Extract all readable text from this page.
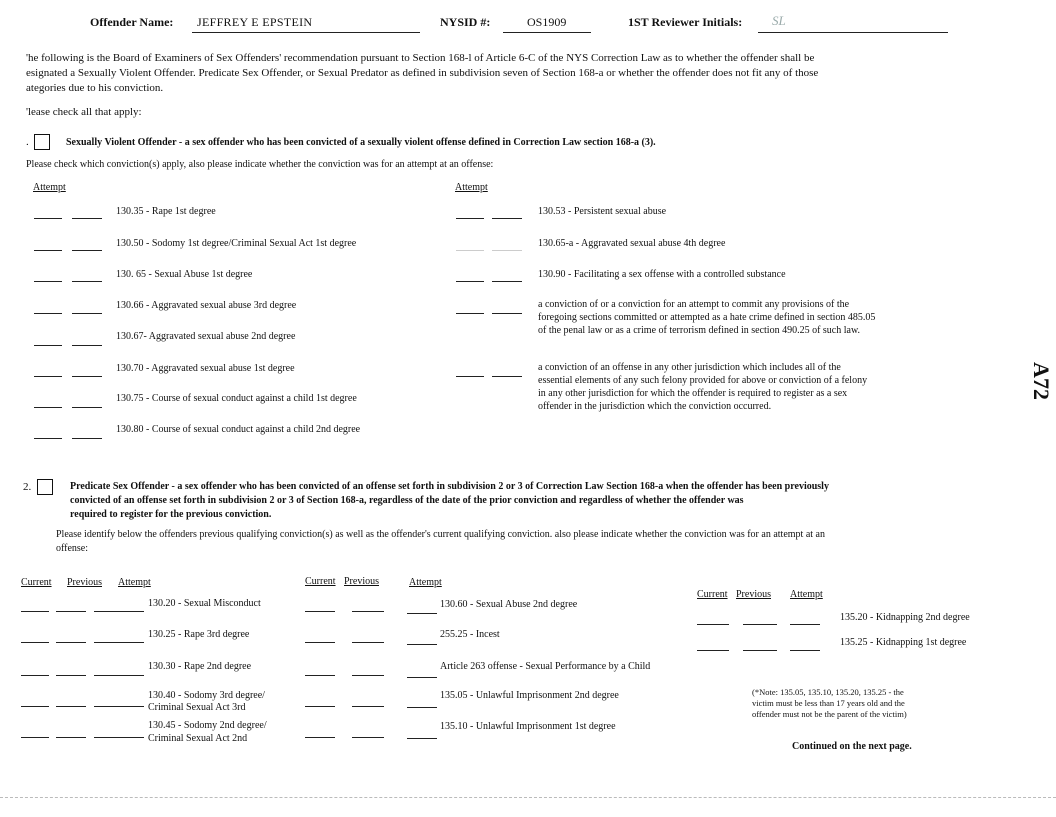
Offender Name: JEFFREY E EPSTEIN	NYSID #:	OS1909	1ST Reviewer Initials: SL
'he following is the Board of Examiners of Sex Offenders' recommendation pursuant to Section 168-l of Article 6-C of the NYS Correction Law as to whether the offender shall be
esignated a Sexually Violent Offender. Predicate Sex Offender, or Sexual Predator as defined in subdivision seven of Section 168-a or whether the offender does not fit any of those
ategories due to his conviction.
'lease check all that apply:
.	Sexually Violent Offender - a sex offender who has been convicted of a sexually violent offense defined in Correction Law section 168-a (3).
Please check which conviction(s) apply, also please indicate whether the conviction was for an attempt at an offense:
Attempt	Attempt
130.35 - Rape 1st degree
130.50 - Sodomy 1st degree/Criminal Sexual Act 1st degree
130. 65 - Sexual Abuse 1st degree
130.66 - Aggravated sexual abuse 3rd degree
130.67- Aggravated sexual abuse 2nd degree
130.70 - Aggravated sexual abuse 1st degree
130.75 - Course of sexual conduct against a child 1st degree
130.80 - Course of sexual conduct against a child 2nd degree
130.53 - Persistent sexual abuse
130.65-a - Aggravated sexual abuse 4th degree
130.90 - Facilitating a sex offense with a controlled substance
a conviction of or a conviction for an attempt to commit any provisions of the
foregoing sections committed or attempted as a hate crime defined in section 485.05
of the penal law or as a crime of terrorism defined in section 490.25 of such law.
a conviction of an offense in any other jurisdiction which includes all of the
essential elements of any such felony provided for above or conviction of a felony
in any other jurisdiction for which the offender is required to register as a sex
offender in the jurisdiction which the conviction occurred.
A72
2.	Predicate Sex Offender - a sex offender who has been convicted of an offense set forth in subdivision 2 or 3 of Correction Law Section 168-a when the offender has been previously
convicted of an offense set forth in subdivision 2 or 3 of Section 168-a, regardless of the date of the prior conviction and regardless of whether the offender was
required to register for the previous conviction.
Please identify below the offenders previous qualifying conviction(s) as well as the offender's current qualifying conviction. also please indicate whether the conviction was for an attempt at an
offense:
Current Previous Attempt	Current Previous	Attempt
Current Previous Attempt
130.20 - Sexual Misconduct
130.25 - Rape 3rd degree
130.30 - Rape 2nd degree
130.40 - Sodomy 3rd degree/
Criminal Sexual Act 3rd
130.45 - Sodomy 2nd degree/
Criminal Sexual Act 2nd
130.60 - Sexual Abuse 2nd degree
255.25 - Incest
Article 263 offense - Sexual Performance by a Child
135.05 - Unlawful Imprisonment 2nd degree
135.10 - Unlawful Imprisonment 1st degree
135.20 - Kidnapping 2nd degree
135.25 - Kidnapping 1st degree
(*Note: 135.05, 135.10, 135.20, 135.25 - the
victim must be less than 17 years old and the
offender must not be the parent of the victim)
Continued on the next page.
